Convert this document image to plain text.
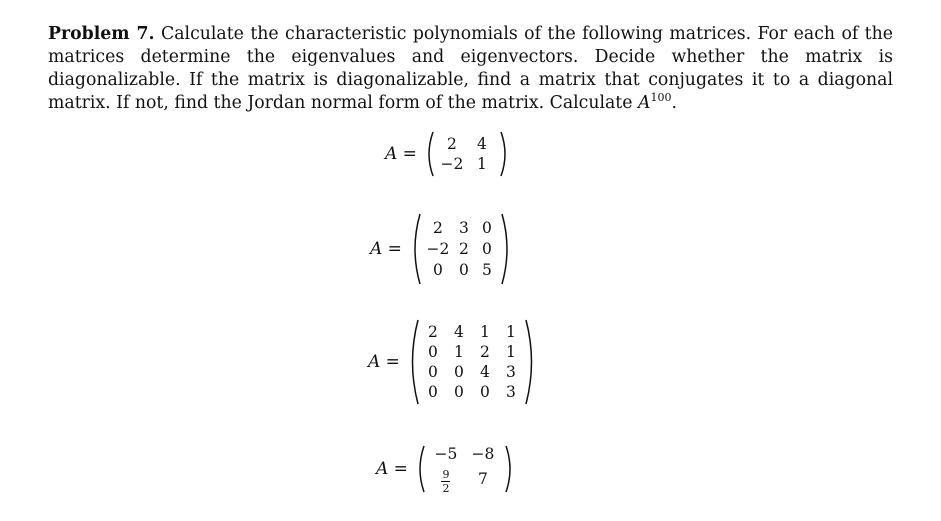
Problem 7. Calculate the characteristic polynomials of the following matrices. For each of the matrices determine the eigenvalues and eigenvectors. Decide whether the matrix is diagonalizable. If the matrix is diagonalizable, find a matrix that conjugates it to a diagonal matrix. If not, find the Jordan normal form of the matrix. Calculate $A^{100}$.
A =	2	4
−2 1
A =
2	3 0
−2 2 0
0	0 5
A =
2	4	1	1
0	1	2	1
0	0	4	3
0	0	0	3
A =
−5 −8
$\frac{9}{2}$	7
